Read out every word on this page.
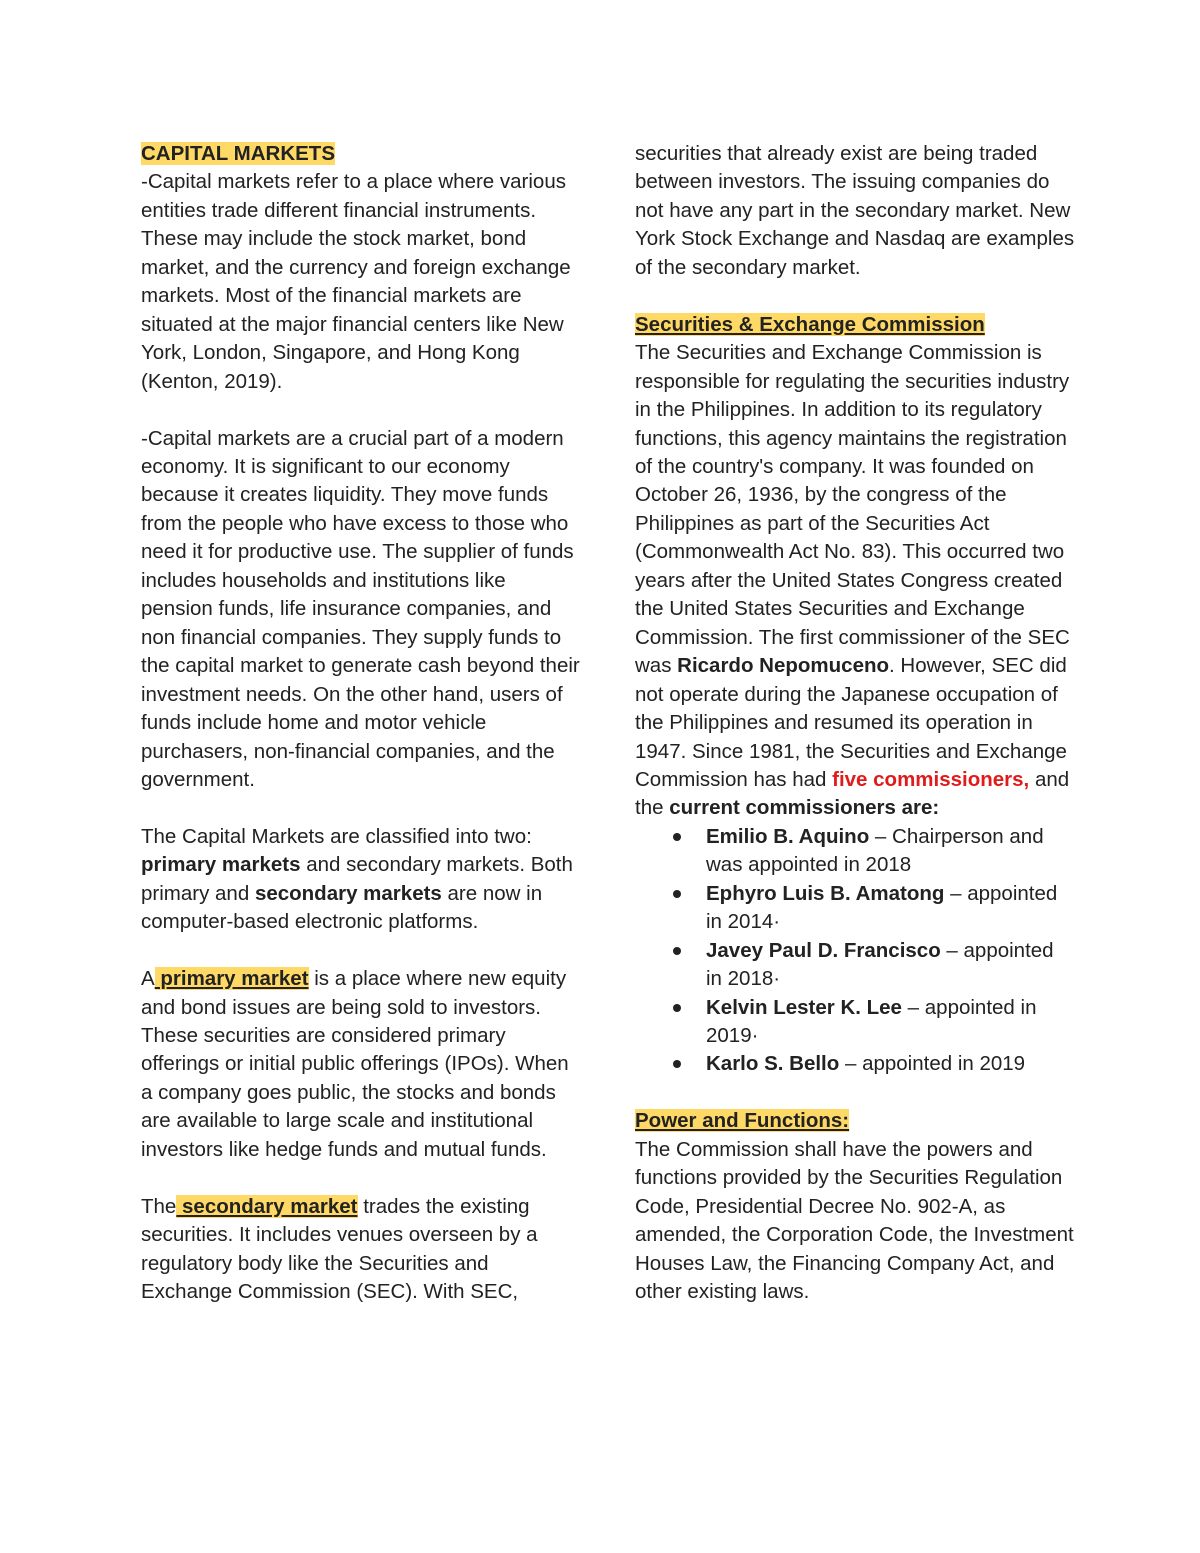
CAPITAL MARKETS

-Capital markets refer to a place where various entities trade different financial instruments. These may include the stock market, bond market, and the currency and foreign exchange markets. Most of the financial markets are situated at the major financial centers like New York, London, Singapore, and Hong Kong (Kenton, 2019).

-Capital markets are a crucial part of a modern economy. It is significant to our economy because it creates liquidity. They move funds from the people who have excess to those who need it for productive use. The supplier of funds includes households and institutions like pension funds, life insurance companies, and non financial companies. They supply funds to the capital market to generate cash beyond their investment needs. On the other hand, users of funds include home and motor vehicle purchasers, non-financial companies, and the government.

The Capital Markets are classified into two: primary markets and secondary markets. Both primary and secondary markets are now in computer-based electronic platforms.

A primary market is a place where new equity and bond issues are being sold to investors. These securities are considered primary offerings or initial public offerings (IPOs). When a company goes public, the stocks and bonds are available to large scale and institutional investors like hedge funds and mutual funds.

The secondary market trades the existing securities. It includes venues overseen by a regulatory body like the Securities and Exchange Commission (SEC). With SEC,

securities that already exist are being traded between investors. The issuing companies do not have any part in the secondary market. New York Stock Exchange and Nasdaq are examples of the secondary market.

Securities & Exchange Commission

The Securities and Exchange Commission is responsible for regulating the securities industry in the Philippines. In addition to its regulatory functions, this agency maintains the registration of the country's company. It was founded on October 26, 1936, by the congress of the Philippines as part of the Securities Act (Commonwealth Act No. 83). This occurred two years after the United States Congress created the United States Securities and Exchange Commission. The first commissioner of the SEC was Ricardo Nepomuceno. However, SEC did not operate during the Japanese occupation of the Philippines and resumed its operation in 1947. Since 1981, the Securities and Exchange Commission has had five commissioners, and the current commissioners are:

Emilio B. Aquino – Chairperson and was appointed in 2018
Ephyro Luis B. Amatong – appointed in 2014·
Javey Paul D. Francisco – appointed in 2018·
Kelvin Lester K. Lee – appointed in 2019·
Karlo S. Bello – appointed in 2019

Power and Functions:

The Commission shall have the powers and functions provided by the Securities Regulation Code, Presidential Decree No. 902-A, as amended, the Corporation Code, the Investment Houses Law, the Financing Company Act, and other existing laws.
